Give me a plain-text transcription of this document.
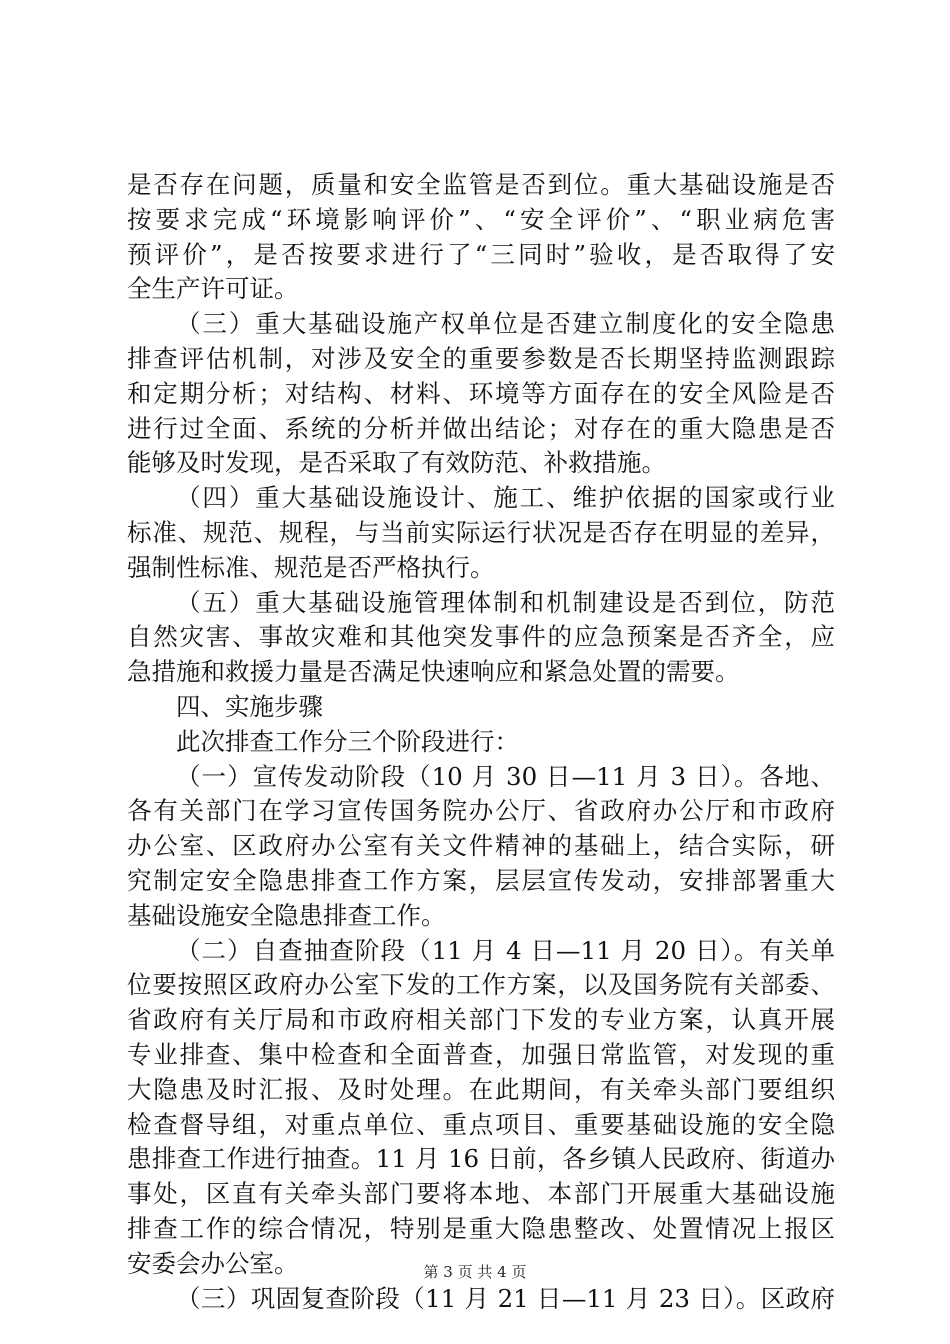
是否存在问题，质量和安全监管是否到位。重大基础设施是否
按要求完成“环境影响评价”、“安全评价”、“职业病危害
预评价”，是否按要求进行了“三同时”验收，是否取得了安
全生产许可证。
（三）重大基础设施产权单位是否建立制度化的安全隐患
排查评估机制，对涉及安全的重要参数是否长期坚持监测跟踪
和定期分析；对结构、材料、环境等方面存在的安全风险是否
进行过全面、系统的分析并做出结论；对存在的重大隐患是否
能够及时发现，是否采取了有效防范、补救措施。
（四）重大基础设施设计、施工、维护依据的国家或行业
标准、规范、规程，与当前实际运行状况是否存在明显的差异，
强制性标准、规范是否严格执行。
（五）重大基础设施管理体制和机制建设是否到位，防范
自然灾害、事故灾难和其他突发事件的应急预案是否齐全，应
急措施和救援力量是否满足快速响应和紧急处置的需要。
四、实施步骤
此次排查工作分三个阶段进行：
（一）宣传发动阶段（10 月 30 日—11 月 3 日）。各地、
各有关部门在学习宣传国务院办公厅、省政府办公厅和市政府
办公室、区政府办公室有关文件精神的基础上，结合实际，研
究制定安全隐患排查工作方案，层层宣传发动，安排部署重大
基础设施安全隐患排查工作。
（二）自查抽查阶段（11 月 4 日—11 月 20 日）。有关单
位要按照区政府办公室下发的工作方案，以及国务院有关部委、
省政府有关厅局和市政府相关部门下发的专业方案，认真开展
专业排查、集中检查和全面普查，加强日常监管，对发现的重
大隐患及时汇报、及时处理。在此期间，有关牵头部门要组织
检查督导组，对重点单位、重点项目、重要基础设施的安全隐
患排查工作进行抽查。11 月 16 日前，各乡镇人民政府、街道办
事处，区直有关牵头部门要将本地、本部门开展重大基础设施
排查工作的综合情况，特别是重大隐患整改、处置情况上报区
安委会办公室。
（三）巩固复查阶段（11 月 21 日—11 月 23 日）。区政府
第 3 页 共 4 页
